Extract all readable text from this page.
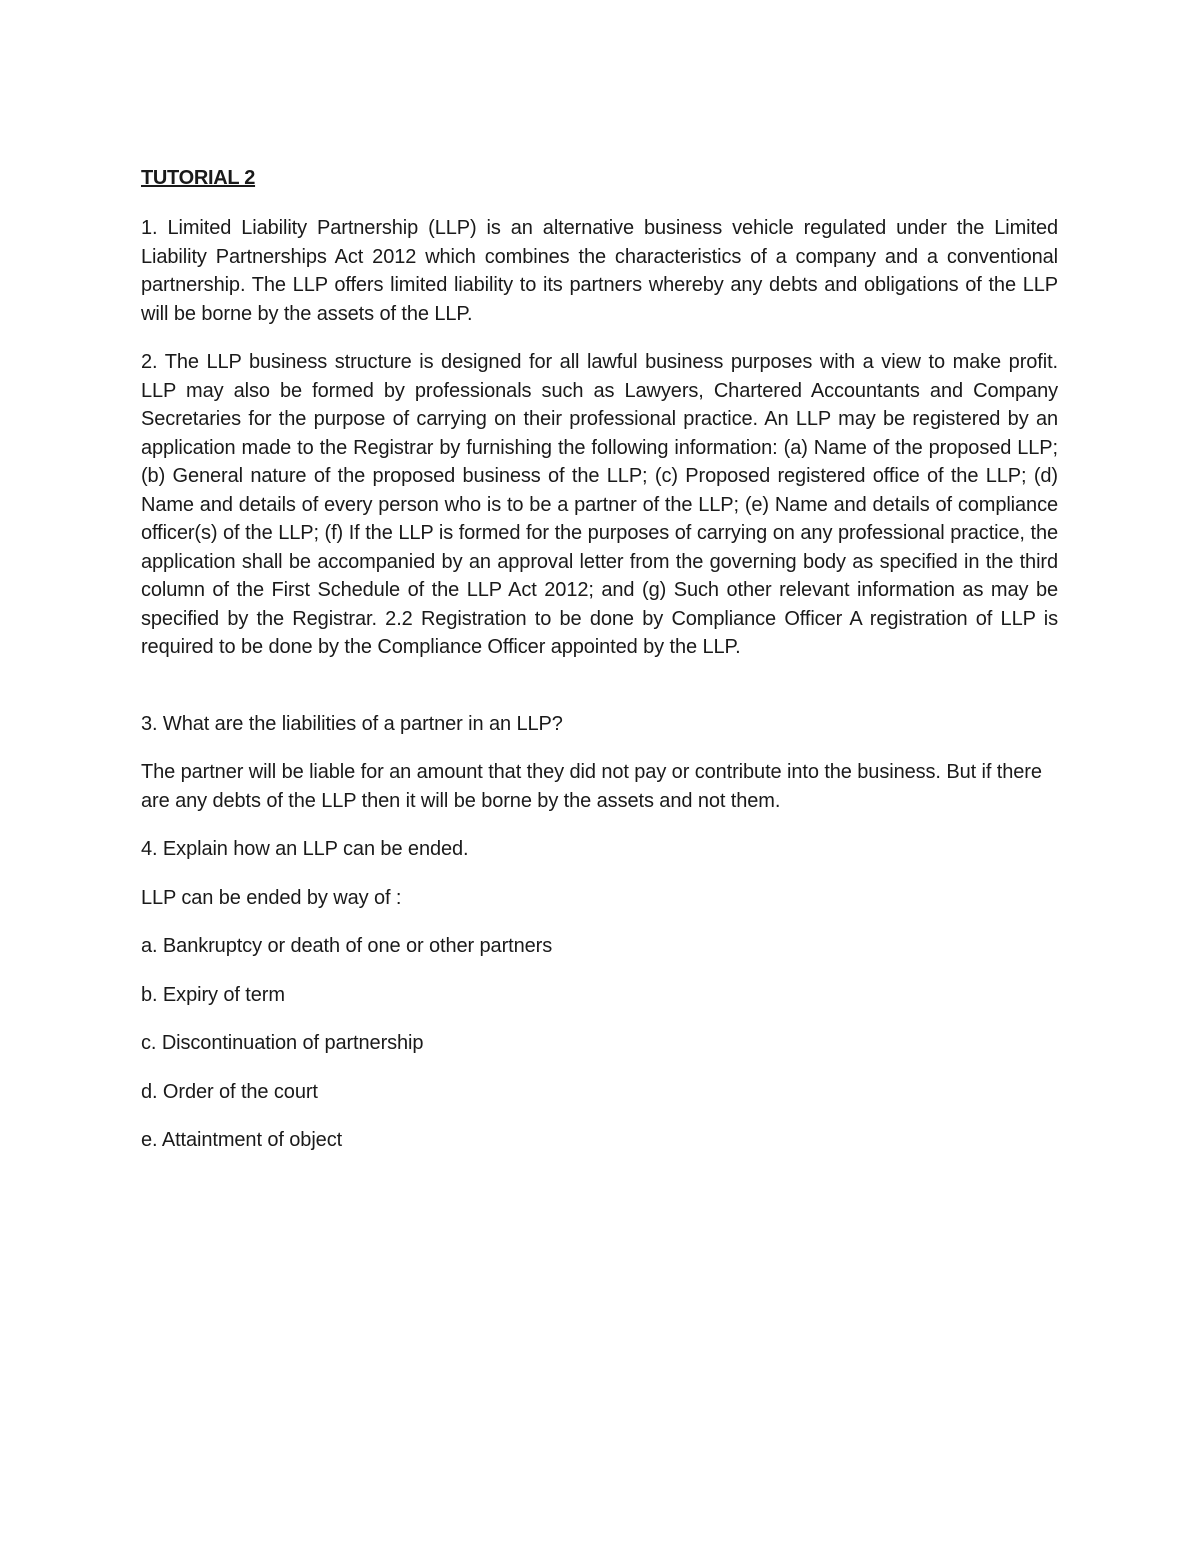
TUTORIAL 2

1. Limited Liability Partnership (LLP) is an alternative business vehicle regulated under the Limited Liability Partnerships Act 2012 which combines the characteristics of a company and a conventional partnership. The LLP offers limited liability to its partners whereby any debts and obligations of the LLP will be borne by the assets of the LLP.

2. The LLP business structure is designed for all lawful business purposes with a view to make profit. LLP may also be formed by professionals such as Lawyers, Chartered Accountants and Company Secretaries for the purpose of carrying on their professional practice. An LLP may be registered by an application made to the Registrar by furnishing the following information: (a) Name of the proposed LLP; (b) General nature of the proposed business of the LLP; (c) Proposed registered office of the LLP; (d) Name and details of every person who is to be a partner of the LLP; (e) Name and details of compliance officer(s) of the LLP; (f) If the LLP is formed for the purposes of carrying on any professional practice, the application shall be accompanied by an approval letter from the governing body as specified in the third column of the First Schedule of the LLP Act 2012; and (g) Such other relevant information as may be specified by the Registrar. 2.2 Registration to be done by Compliance Officer A registration of LLP is required to be done by the Compliance Officer appointed by the LLP.

3. What are the liabilities of a partner in an LLP?

The partner will be liable for an amount that they did not pay or contribute into the business. But if there are any debts of the LLP then it will be borne by the assets and not them.

4. Explain how an LLP can be ended.

LLP can be ended by way of :

a. Bankruptcy or death of one or other partners

b. Expiry of term

c. Discontinuation of partnership

d. Order of the court

e. Attaintment of object
